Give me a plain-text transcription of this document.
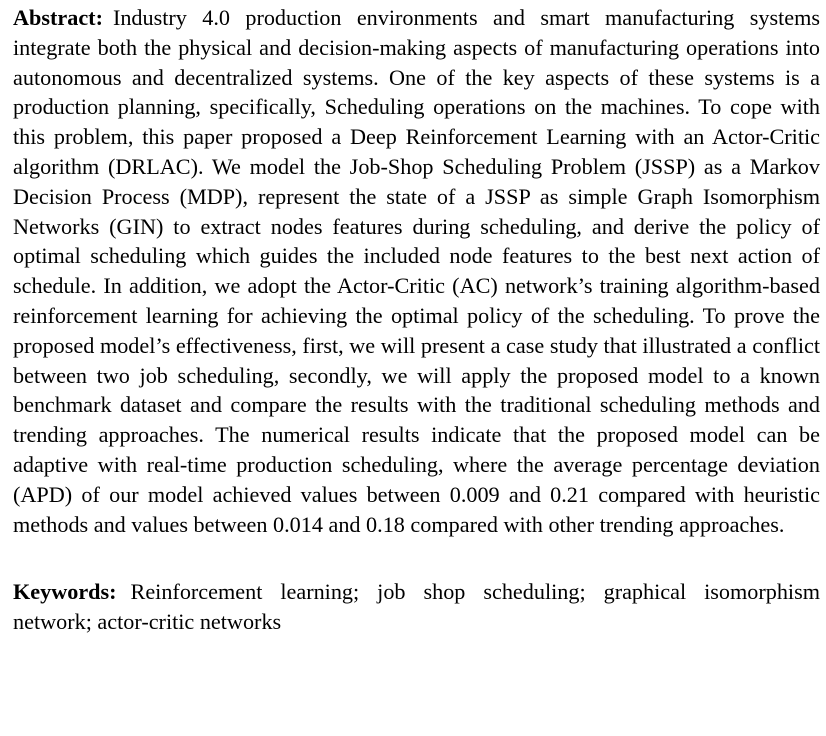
Abstract: Industry 4.0 production environments and smart manufacturing systems integrate both the physical and decision-making aspects of manufacturing operations into autonomous and decentralized systems. One of the key aspects of these systems is a production planning, specifically, Scheduling operations on the machines. To cope with this problem, this paper proposed a Deep Reinforcement Learning with an Actor-Critic algorithm (DRLAC). We model the Job-Shop Scheduling Problem (JSSP) as a Markov Decision Process (MDP), represent the state of a JSSP as simple Graph Isomorphism Networks (GIN) to extract nodes features during scheduling, and derive the policy of optimal scheduling which guides the included node features to the best next action of schedule. In addition, we adopt the Actor-Critic (AC) network’s training algorithm-based reinforcement learning for achieving the optimal policy of the scheduling. To prove the proposed model’s effectiveness, first, we will present a case study that illustrated a conflict between two job scheduling, secondly, we will apply the proposed model to a known benchmark dataset and compare the results with the traditional scheduling methods and trending approaches. The numerical results indicate that the proposed model can be adaptive with real-time production scheduling, where the average percentage deviation (APD) of our model achieved values between 0.009 and 0.21 compared with heuristic methods and values between 0.014 and 0.18 compared with other trending approaches.

Keywords: Reinforcement learning; job shop scheduling; graphical isomorphism network; actor-critic networks
